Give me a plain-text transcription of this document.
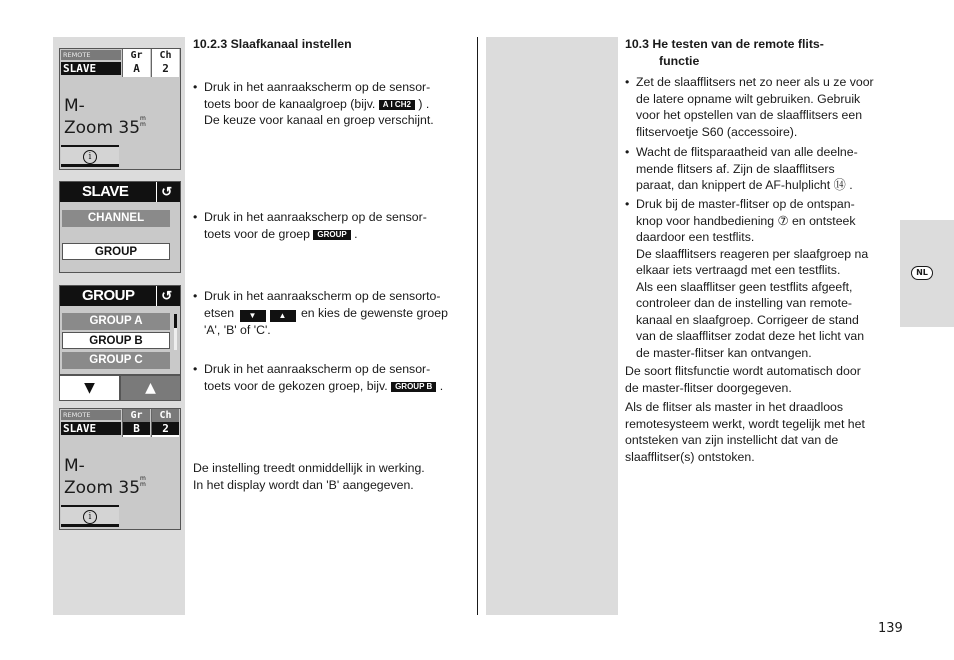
NL
REMOTE
SLAVE
Gr
A
Ch
2
M-
Zoom $35^{m m}$
i
SLAVE	↺
CHANNEL
GROUP
GROUP	↺
GROUP A
GROUP B
GROUP C
▼	▲
REMOTE
SLAVE
Gr
B
Ch
2
M-
Zoom $35^{m m}$
i
10.2.3 Slaafkanaal instellen
• Druk in het aanraakscherm op de sensor-
toets boor de kanaalgroep (bijv. A I CH2 ) .
De keuze voor kanaal en groep verschijnt.
• Druk in het aanraakscherp op de sensor-
toets voor de groep GROUP .
• Druk in het aanraakscherm op de sensorto-
etsen ▼	▲ en kies de gewenste groep
'A', 'B' of 'C'.
• Druk in het aanraakscherm op de sensor-
toets voor de gekozen groep, bijv. GROUP B .
De instelling treedt onmiddellijk in werking.
In het display wordt dan 'B' aangegeven.
10.3 He testen van de remote flits-
functie
• Zet de slaafflitsers net zo neer als u ze voor
de latere opname wilt gebruiken. Gebruik
voor het opstellen van de slaafflitsers een
flitservoetje S60 (accessoire).
• Wacht de flitsparaatheid van alle deelne-
mende flitsers af. Zijn de slaafflitsers
paraat, dan knippert de AF-hulplicht ⑭ .
• Druk bij de master-flitser op de ontspan-
knop voor handbediening ⑦ en ontsteek
daardoor een testflits.
De slaafflitsers reageren per slaafgroep na
elkaar iets vertraagd met een testflits.
Als een slaafflitser geen testflits afgeeft,
controleer dan de instelling van remote-
kanaal en slaafgroep. Corrigeer de stand
van de slaafflitser zodat deze het licht van
de master-flitser kan ontvangen.
De soort flitsfunctie wordt automatisch door
de master-flitser doorgegeven.
Als de flitser als master in het draadloos
remotesysteem werkt, wordt tegelijk met het
ontsteken van zijn instellicht dat van de
slaafflitser(s) ontstoken.
139
